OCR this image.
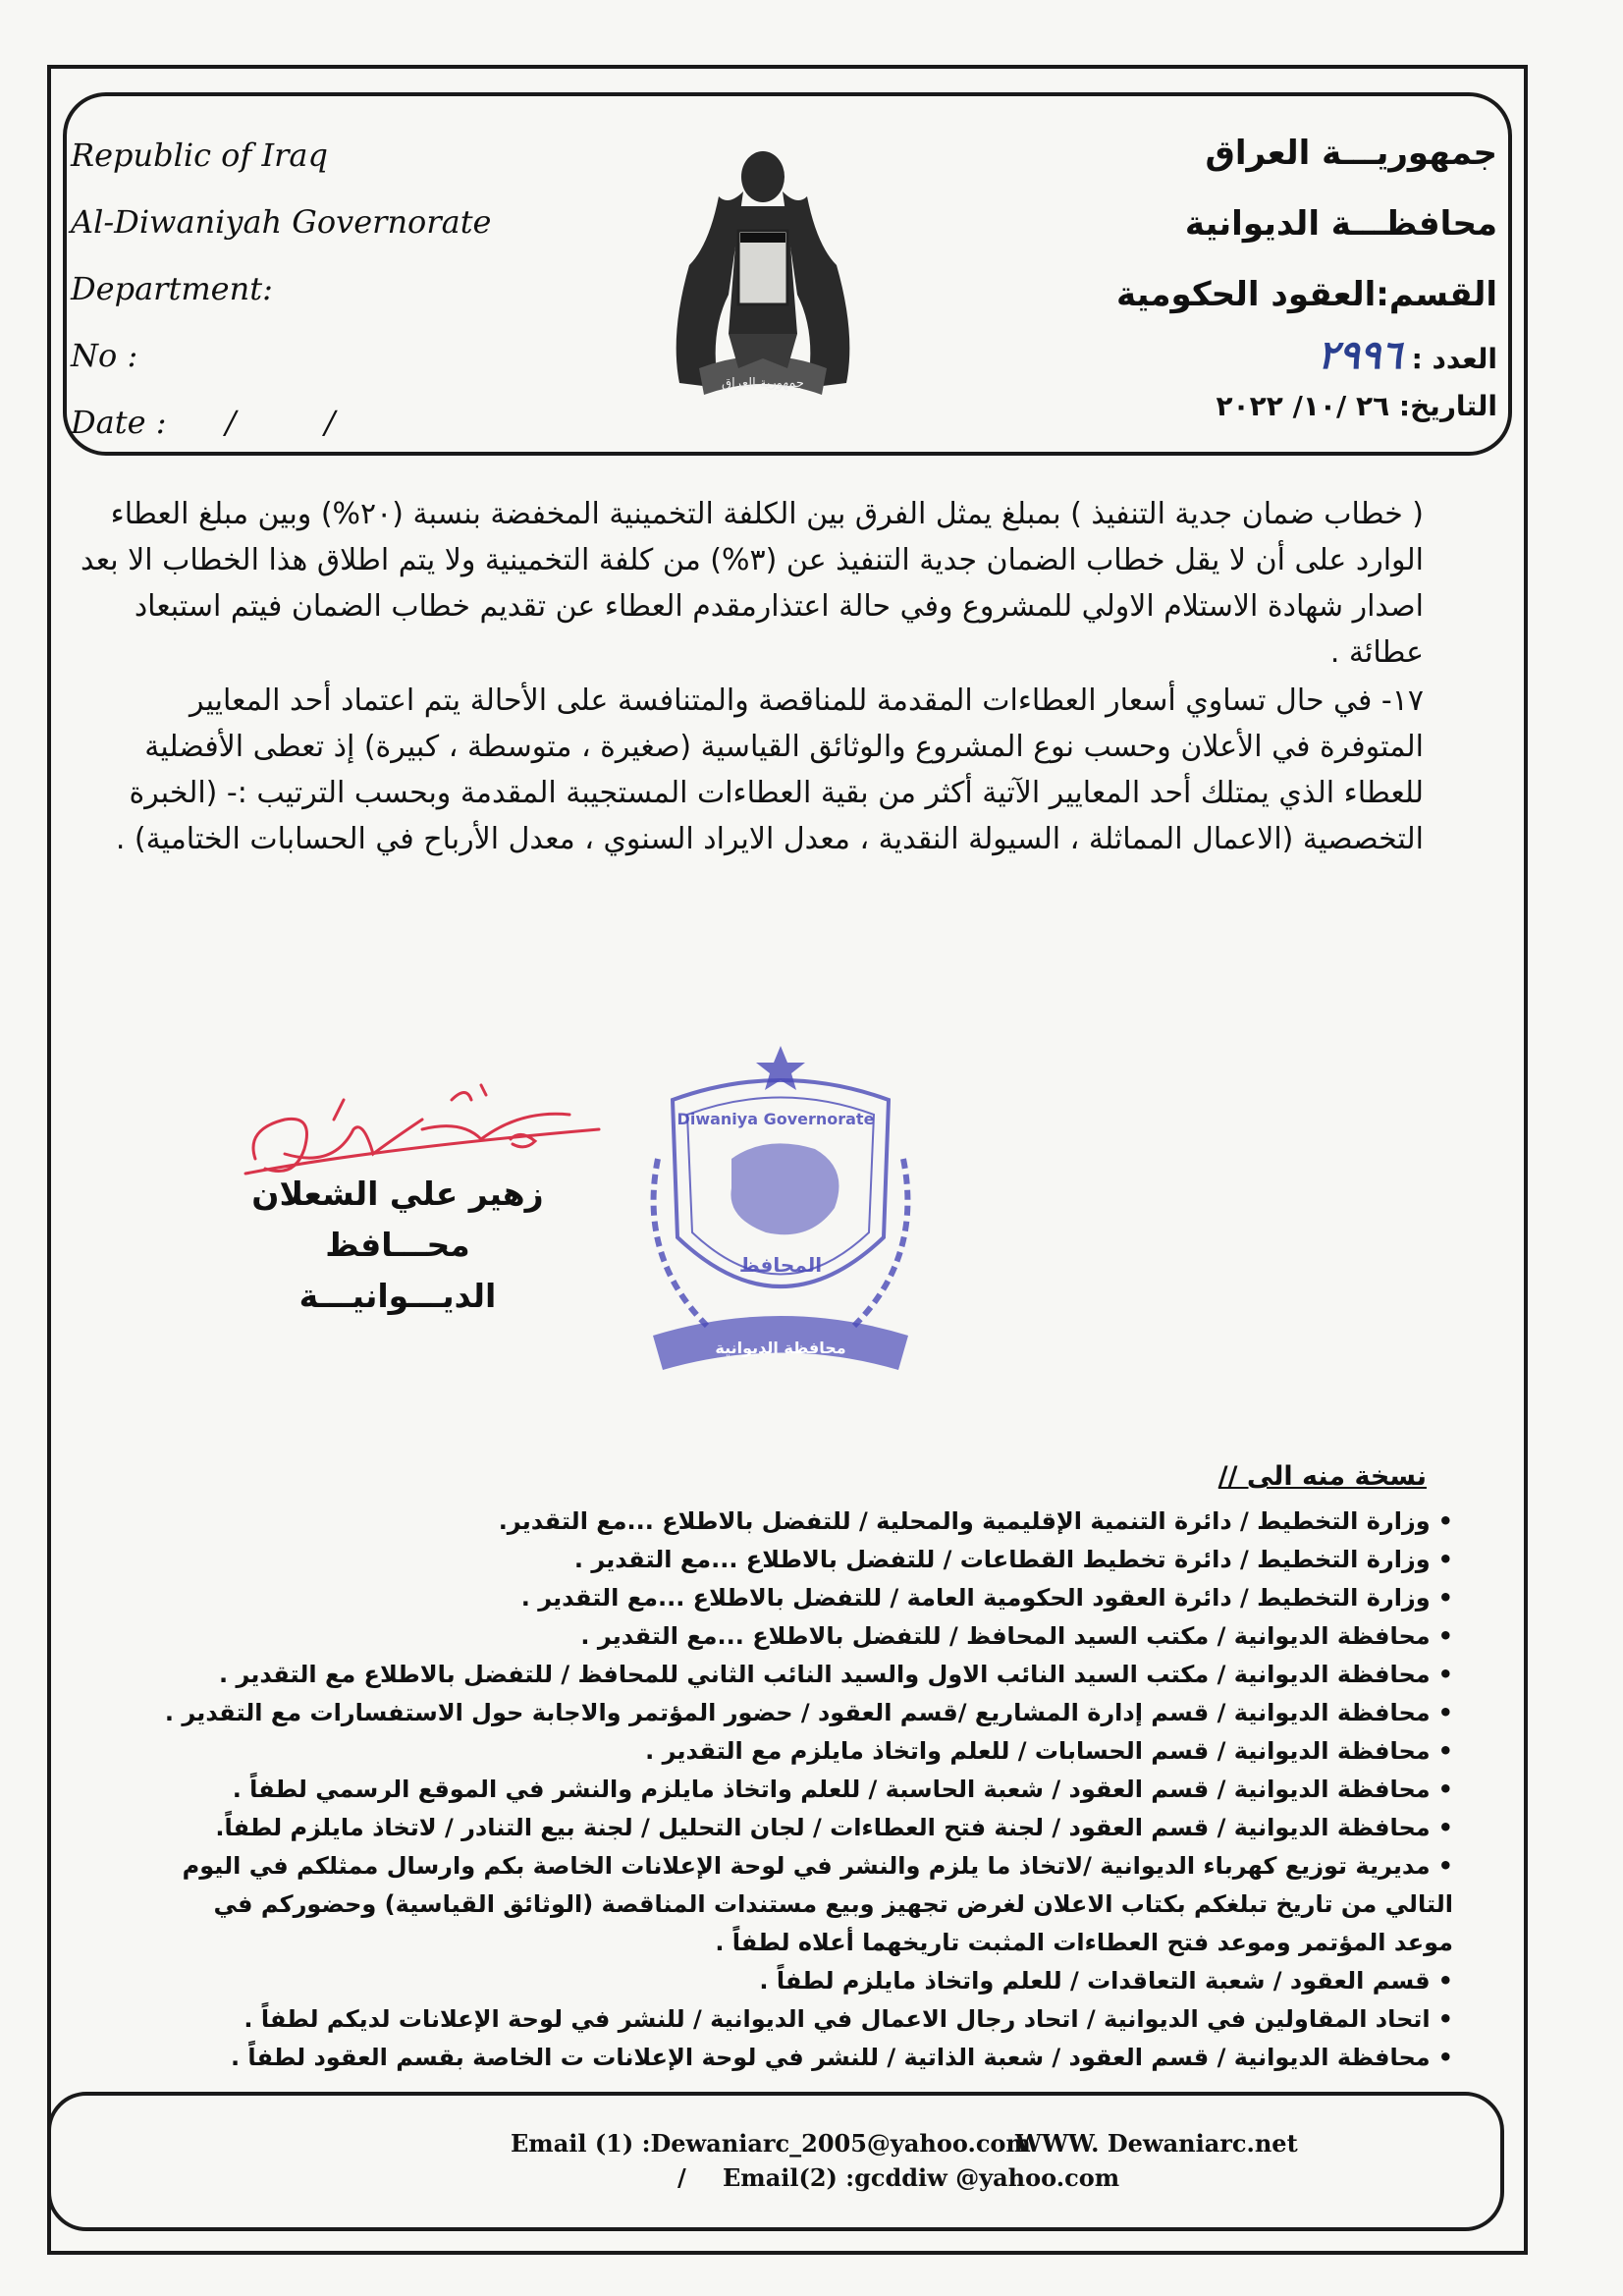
Republic of Iraq
Al-Diwaniyah Governorate
Department:
No :
Date : / /
جمهوريـــة العراق
محافظـــة الديوانية
القسم:العقود الحكومية
العدد : ٢٩٩٦
التاريخ: ٢٦ /١٠/ ٢٠٢٢
جمهورية العراق
( خطاب ضمان جدية التنفيذ ) بمبلغ يمثل الفرق بين الكلفة التخمينية المخفضة بنسبة (٢٠%) وبين مبلغ العطاء الوارد على أن لا يقل خطاب الضمان جدية التنفيذ عن (٣%) من كلفة التخمينية ولا يتم اطلاق هذا الخطاب الا بعد اصدار شهادة الاستلام الاولي للمشروع وفي حالة اعتذارمقدم العطاء عن تقديم خطاب الضمان فيتم استبعاد عطائة .
١٧- في حال تساوي أسعار العطاءات المقدمة للمناقصة والمتنافسة على الأحالة يتم اعتماد أحد المعايير المتوفرة في الأعلان وحسب نوع المشروع والوثائق القياسية (صغيرة ، متوسطة ، كبيرة) إذ تعطى الأفضلية للعطاء الذي يمتلك أحد المعايير الآتية أكثر من بقية العطاءات المستجيبة المقدمة وبحسب الترتيب :- (الخبرة التخصصية (الاعمال المماثلة ، السيولة النقدية ، معدل الايراد السنوي ، معدل الأرباح في الحسابات الختامية) .
زهير علي الشعلان
محـــافظ الديـــوانيـــة
Diwaniya Governorate
المحافظ
محافظة الديوانية
نسخة منه الى //
•وزارة التخطيط / دائرة التنمية الإقليمية والمحلية / للتفضل بالاطلاع ...مع التقدير.
•وزارة التخطيط / دائرة تخطيط القطاعات / للتفضل بالاطلاع ...مع التقدير .
•وزارة التخطيط / دائرة العقود الحكومية العامة / للتفضل بالاطلاع ...مع التقدير .
•محافظة الديوانية / مكتب السيد المحافظ / للتفضل بالاطلاع ...مع التقدير .
•محافظة الديوانية / مكتب السيد النائب الاول والسيد النائب الثاني للمحافظ / للتفضل بالاطلاع مع التقدير .
•محافظة الديوانية / قسم إدارة المشاريع /قسم العقود / حضور المؤتمر والاجابة حول الاستفسارات مع التقدير .
•محافظة الديوانية / قسم الحسابات / للعلم واتخاذ مايلزم مع التقدير .
•محافظة الديوانية / قسم العقود / شعبة الحاسبة / للعلم واتخاذ مايلزم والنشر في الموقع الرسمي لطفاً .
•محافظة الديوانية / قسم العقود / لجنة فتح العطاءات / لجان التحليل / لجنة بيع التنادر / لاتخاذ مايلزم لطفاً.
•مديرية توزيع كهرباء الديوانية /لاتخاذ ما يلزم والنشر في لوحة الإعلانات الخاصة بكم وارسال ممثلكم في اليوم التالي من تاريخ تبلغكم بكتاب الاعلان لغرض تجهيز وبيع مستندات المناقصة (الوثائق القياسية) وحضوركم في موعد المؤتمر وموعد فتح العطاءات المثبت تاريخهما أعلاه لطفاً .
•قسم العقود / شعبة التعاقدات / للعلم واتخاذ مايلزم لطفاً .
•اتحاد المقاولين في الديوانية / اتحاد رجال الاعمال في الديوانية / للنشر في لوحة الإعلانات لديكم لطفاً .
•محافظة الديوانية / قسم العقود / شعبة الذاتية / للنشر في لوحة الإعلانات ت الخاصة بقسم العقود لطفاً .
Email (1) :Dewaniarc_2005@yahoo.com
WWW. Dewaniarc.net
/ Email(2) :gcddiw @yahoo.com
